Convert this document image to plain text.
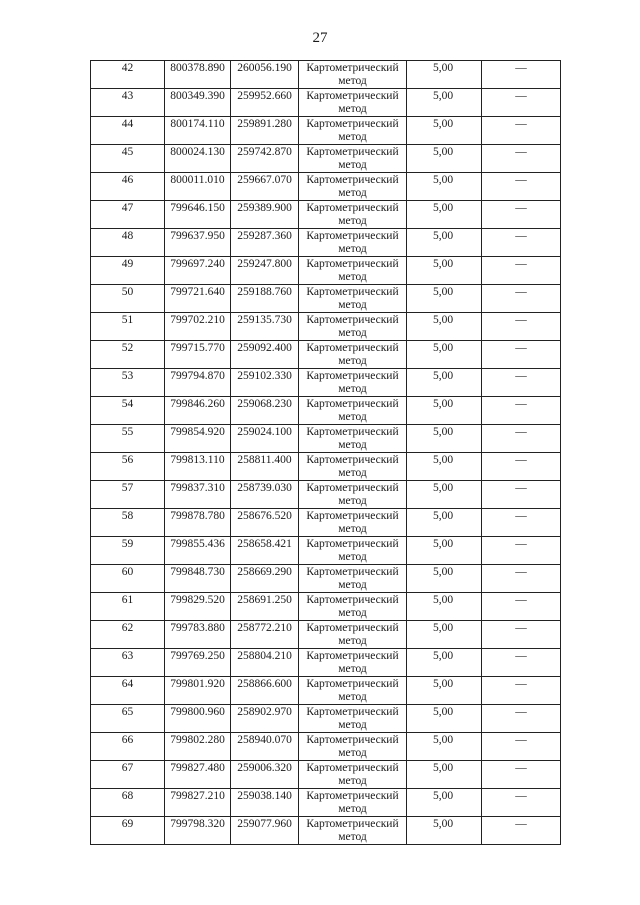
27
42	800378.890	260056.190	Картометрический метод	5,00	—
43	800349.390	259952.660	Картометрический метод	5,00	—
44	800174.110	259891.280	Картометрический метод	5,00	—
45	800024.130	259742.870	Картометрический метод	5,00	—
46	800011.010	259667.070	Картометрический метод	5,00	—
47	799646.150	259389.900	Картометрический метод	5,00	—
48	799637.950	259287.360	Картометрический метод	5,00	—
49	799697.240	259247.800	Картометрический метод	5,00	—
50	799721.640	259188.760	Картометрический метод	5,00	—
51	799702.210	259135.730	Картометрический метод	5,00	—
52	799715.770	259092.400	Картометрический метод	5,00	—
53	799794.870	259102.330	Картометрический метод	5,00	—
54	799846.260	259068.230	Картометрический метод	5,00	—
55	799854.920	259024.100	Картометрический метод	5,00	—
56	799813.110	258811.400	Картометрический метод	5,00	—
57	799837.310	258739.030	Картометрический метод	5,00	—
58	799878.780	258676.520	Картометрический метод	5,00	—
59	799855.436	258658.421	Картометрический метод	5,00	—
60	799848.730	258669.290	Картометрический метод	5,00	—
61	799829.520	258691.250	Картометрический метод	5,00	—
62	799783.880	258772.210	Картометрический метод	5,00	—
63	799769.250	258804.210	Картометрический метод	5,00	—
64	799801.920	258866.600	Картометрический метод	5,00	—
65	799800.960	258902.970	Картометрический метод	5,00	—
66	799802.280	258940.070	Картометрический метод	5,00	—
67	799827.480	259006.320	Картометрический метод	5,00	—
68	799827.210	259038.140	Картометрический метод	5,00	—
69	799798.320	259077.960	Картометрический метод	5,00	—
